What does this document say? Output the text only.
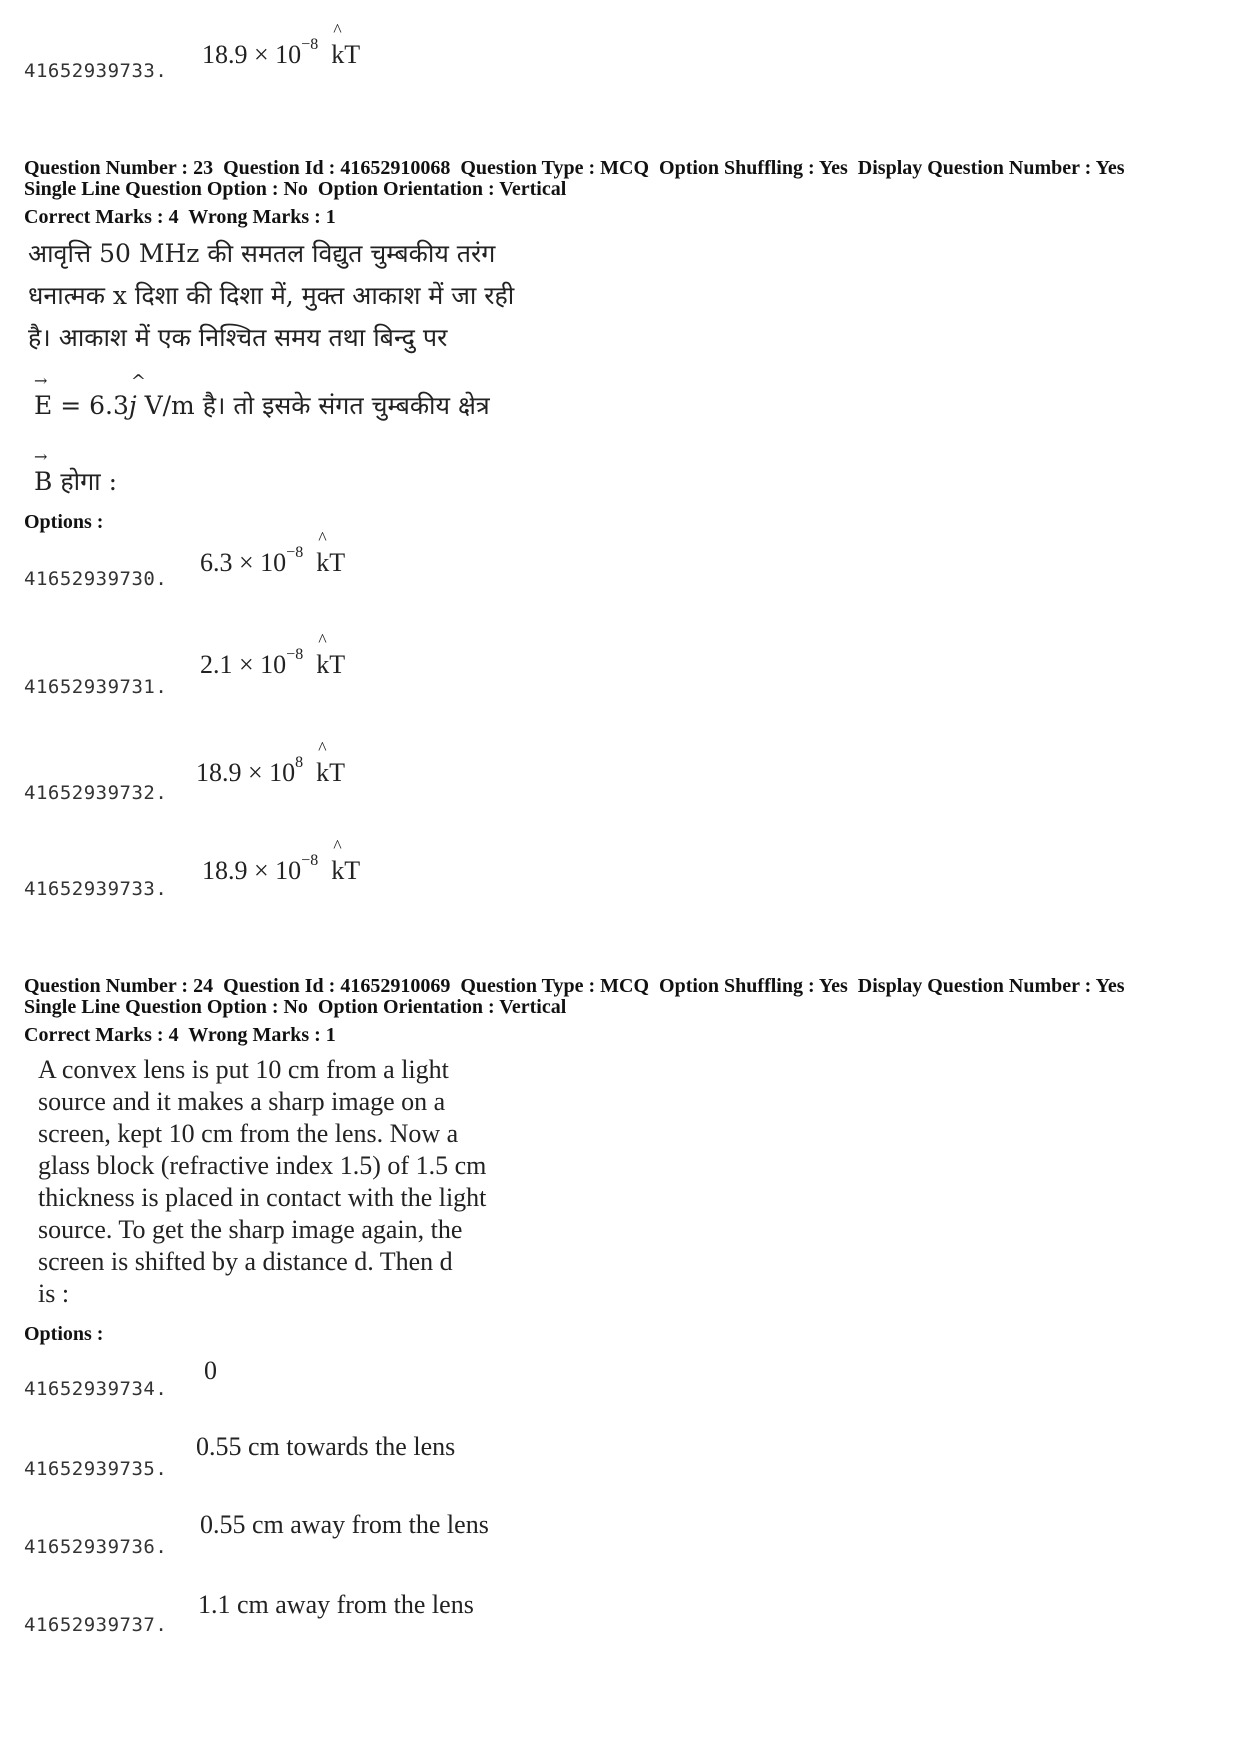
41652939733.
$18.9 \times 10^{-8}$ ^ kT
Question Number : 23  Question Id : 41652910068  Question Type : MCQ  Option Shuffling : Yes  Display Question Number : Yes
Single Line Question Option : No  Option Orientation : Vertical
Correct Marks : 4  Wrong Marks : 1
आवृत्ति 50 MHz की समतल विद्युत चुम्बकीय तरंग
धनात्मक x दिशा की दिशा में, मुक्त आकाश में जा रही
है। आकाश में एक निश्चित समय तथा बिन्दु पर
→ E = 6.3^ j V/m है। तो इसके संगत चुम्बकीय क्षेत्र
→ B होगा :
Options :
41652939730.
$6.3 \times 10^{-8}$ ^ kT
41652939731.
$2.1 \times 10^{-8}$ ^ kT
41652939732.
$18.9 \times 10^8$ ^ kT
41652939733.
$18.9 \times 10^{-8}$ ^ kT
Question Number : 24  Question Id : 41652910069  Question Type : MCQ  Option Shuffling : Yes  Display Question Number : Yes
Single Line Question Option : No  Option Orientation : Vertical
Correct Marks : 4  Wrong Marks : 1
A convex lens is put 10 cm from a light
source and it makes a sharp image on a
screen, kept 10 cm from the lens. Now a
glass block (refractive index 1.5) of 1.5 cm
thickness is placed in contact with the light
source. To get the sharp image again, the
screen is shifted by a distance d. Then d
is :
Options :
41652939734.
0
41652939735.
0.55 cm towards the lens
41652939736.
0.55 cm away from the lens
41652939737.
1.1 cm away from the lens
